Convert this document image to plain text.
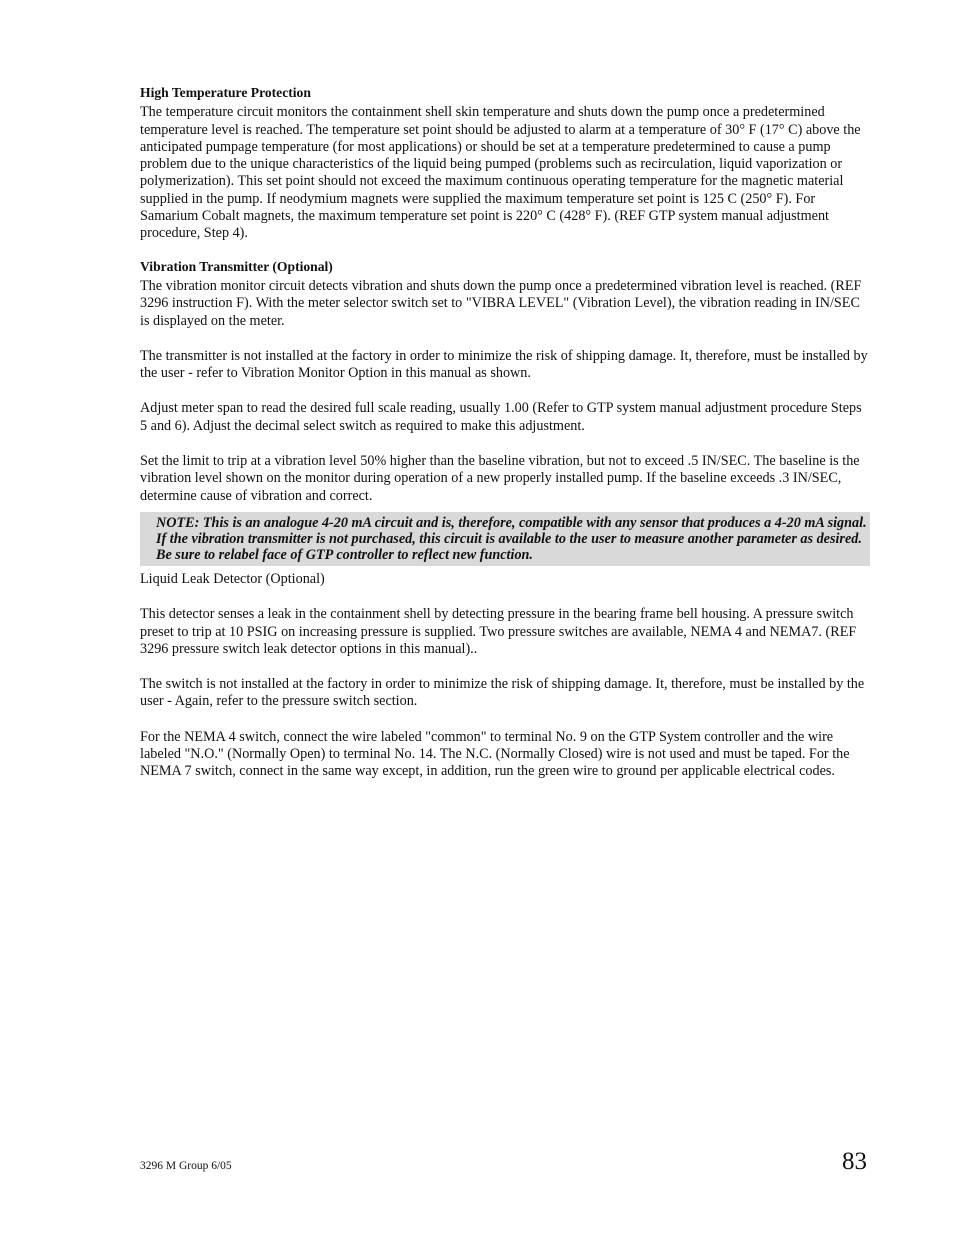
High Temperature Protection

The temperature circuit monitors the containment shell skin temperature and shuts down the pump once a predetermined temperature level is reached. The temperature set point should be adjusted to alarm at a temperature of 30° F (17° C) above the anticipated pumpage temperature (for most applications) or should be set at a temperature predetermined to cause a pump problem due to the unique characteristics of the liquid being pumped (problems such as recirculation, liquid vaporization or polymerization). This set point should not exceed the maximum continuous operating temperature for the magnetic material supplied in the pump. If neodymium magnets were supplied the maximum temperature set point is 125 C (250° F). For Samarium Cobalt magnets, the maximum temperature set point is 220° C (428° F). (REF GTP system manual adjustment procedure, Step 4).

Vibration Transmitter (Optional)

The vibration monitor circuit detects vibration and shuts down the pump once a predetermined vibration level is reached. (REF 3296 instruction F). With the meter selector switch set to "VIBRA LEVEL" (Vibration Level), the vibration reading in IN/SEC is displayed on the meter.

The transmitter is not installed at the factory in order to minimize the risk of shipping damage. It, therefore, must be installed by the user - refer to Vibration Monitor Option in this manual as shown.

Adjust meter span to read the desired full scale reading, usually 1.00 (Refer to GTP system manual adjustment procedure Steps 5 and 6). Adjust the decimal select switch as required to make this adjustment.

Set the limit to trip at a vibration level 50% higher than the baseline vibration, but not to exceed .5 IN/SEC. The baseline is the vibration level shown on the monitor during operation of a new properly installed pump. If the baseline exceeds .3 IN/SEC, determine cause of vibration and correct.

NOTE: This is an analogue 4-20 mA circuit and is, therefore, compatible with any sensor that produces a 4-20 mA signal. If the vibration transmitter is not purchased, this circuit is available to the user to measure another parameter as desired. Be sure to relabel face of GTP controller to reflect new function.

Liquid Leak Detector (Optional)

This detector senses a leak in the containment shell by detecting pressure in the bearing frame bell housing. A pressure switch preset to trip at 10 PSIG on increasing pressure is supplied. Two pressure switches are available, NEMA 4 and NEMA7. (REF 3296 pressure switch leak detector options in this manual)..

The switch is not installed at the factory in order to minimize the risk of shipping damage. It, therefore, must be installed by the user - Again, refer to the pressure switch section.

For the NEMA 4 switch, connect the wire labeled "common" to terminal No. 9 on the GTP System controller and the wire labeled "N.O." (Normally Open) to terminal No. 14. The N.C. (Normally Closed) wire is not used and must be taped. For the NEMA 7 switch, connect in the same way except, in addition, run the green wire to ground per applicable electrical codes.

3296 M Group 6/05	83
